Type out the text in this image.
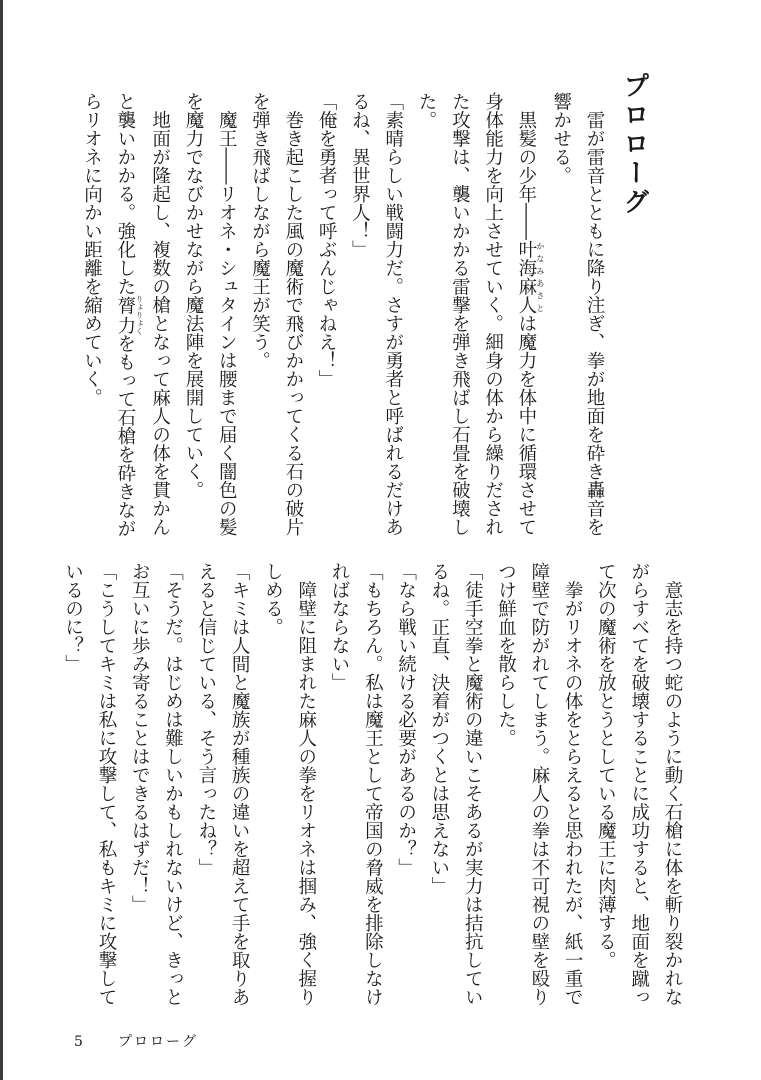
プロローグ
　雷が雷音とともに降り注ぎ、拳が地面を砕き轟音を
響かせる。
　黒髪の少年――叶海麻人 かなみあさとは魔力を体中に循環させて
身体能力を向上させていく。細身の体から繰りだされ
た攻撃は、襲いかかる雷撃を弾き飛ばし石畳を破壊し
た。
「素晴らしい戦闘力だ。さすが勇者と呼ばれるだけあ
るね、異世界人！」
「俺を勇者って呼ぶんじゃねえ！」
　巻き起こした風の魔術で飛びかかってくる石の破片
を弾き飛ばしながら魔王が笑う。
　魔王――リオネ・シュタインは腰まで届く闇色の髪
を魔力でなびかせながら魔法陣を展開していく。
　地面が隆起し、複数の槍となって麻人の体を貫かん
と襲いかかる。強化した膂力 りょりょくをもって石槍を砕きなが
らリオネに向かい距離を縮めていく。
　意志を持つ蛇のように動く石槍に体を斬り裂かれな
がらすべてを破壊することに成功すると、地面を蹴っ
て次の魔術を放とうとしている魔王に肉薄する。
　拳がリオネの体をとらえると思われたが、紙一重で
障壁で防がれてしまう。麻人の拳は不可視の壁を殴り
つけ鮮血を散らした。
「徒手空拳と魔術の違いこそあるが実力は拮抗してい
るね。正直、決着がつくとは思えない」
「なら戦い続ける必要があるのか？」
「もちろん。私は魔王として帝国の脅威を排除しなけ
ればならない」
　障壁に阻まれた麻人の拳をリオネは掴み、強く握り
しめる。
「キミは人間と魔族が種族の違いを超えて手を取りあ
えると信じている、そう言ったね？」
「そうだ。はじめは難しいかもしれないけど、きっと
お互いに歩み寄ることはできるはずだ！」
「こうしてキミは私に攻撃して、私もキミに攻撃して
いるのに？」
5 プロローグ
